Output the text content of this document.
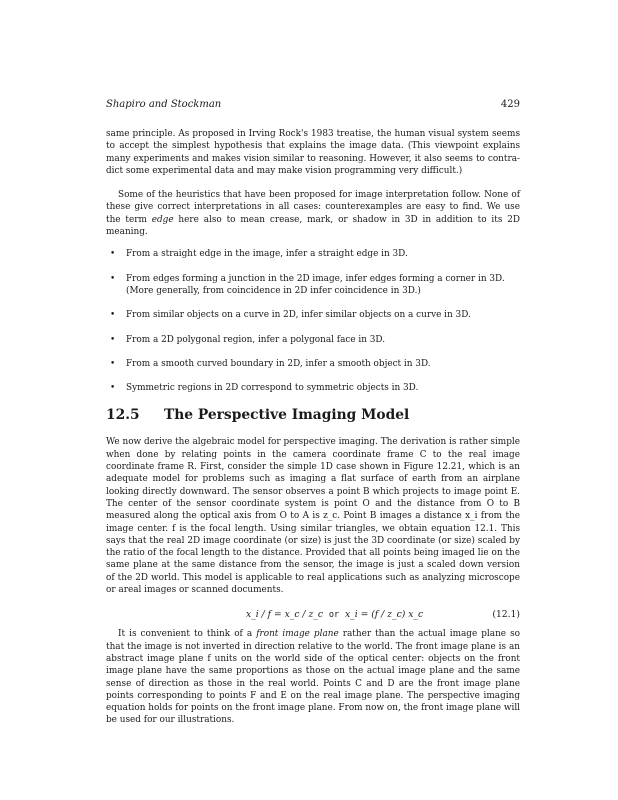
Shapiro and Stockman	429

same principle. As proposed in Irving Rock's 1983 treatise, the human visual system seems to accept the simplest hypothesis that explains the image data. (This viewpoint explains many experiments and makes vision similar to reasoning. However, it also seems to contra- dict some experimental data and may make vision programming very difficult.)

Some of the heuristics that have been proposed for image interpretation follow. None of these give correct interpretations in all cases: counterexamples are easy to find. We use the term edge here also to mean crease, mark, or shadow in 3D in addition to its 2D meaning.

• From a straight edge in the image, infer a straight edge in 3D.
• From edges forming a junction in the 2D image, infer edges forming a corner in 3D. (More generally, from coincidence in 2D infer coincidence in 3D.)
• From similar objects on a curve in 2D, infer similar objects on a curve in 3D.
• From a 2D polygonal region, infer a polygonal face in 3D.
• From a smooth curved boundary in 2D, infer a smooth object in 3D.
• Symmetric regions in 2D correspond to symmetric objects in 3D.
12.5 The Perspective Imaging Model

We now derive the algebraic model for perspective imaging. The derivation is rather simple when done by relating points in the camera coordinate frame C to the real image coordinate frame R. First, consider the simple 1D case shown in Figure 12.21, which is an adequate model for problems such as imaging a flat surface of earth from an airplane looking directly downward. The sensor observes a point B which projects to image point E. The center of the sensor coordinate system is point O and the distance from O to B measured along the optical axis from O to A is z_c. Point B images a distance x_i from the image center. f is the focal length. Using similar triangles, we obtain equation 12.1. This says that the real 2D image coordinate (or size) is just the 3D coordinate (or size) scaled by the ratio of the focal length to the distance. Provided that all points being imaged lie on the same plane at the same distance from the sensor, the image is just a scaled down version of the 2D world. This model is applicable to real applications such as analyzing microscope or areal images or scanned documents.

x_i / f = x_c / z_c or x_i = (f / z_c) x_c	(12.1)

It is convenient to think of a front image plane rather than the actual image plane so that the image is not inverted in direction relative to the world. The front image plane is an abstract image plane f units on the world side of the optical center: objects on the front image plane have the same proportions as those on the actual image plane and the same sense of direction as those in the real world. Points C and D are the front image plane points corresponding to points F and E on the real image plane. The perspective imaging equation holds for points on the front image plane. From now on, the front image plane will be used for our illustrations.
